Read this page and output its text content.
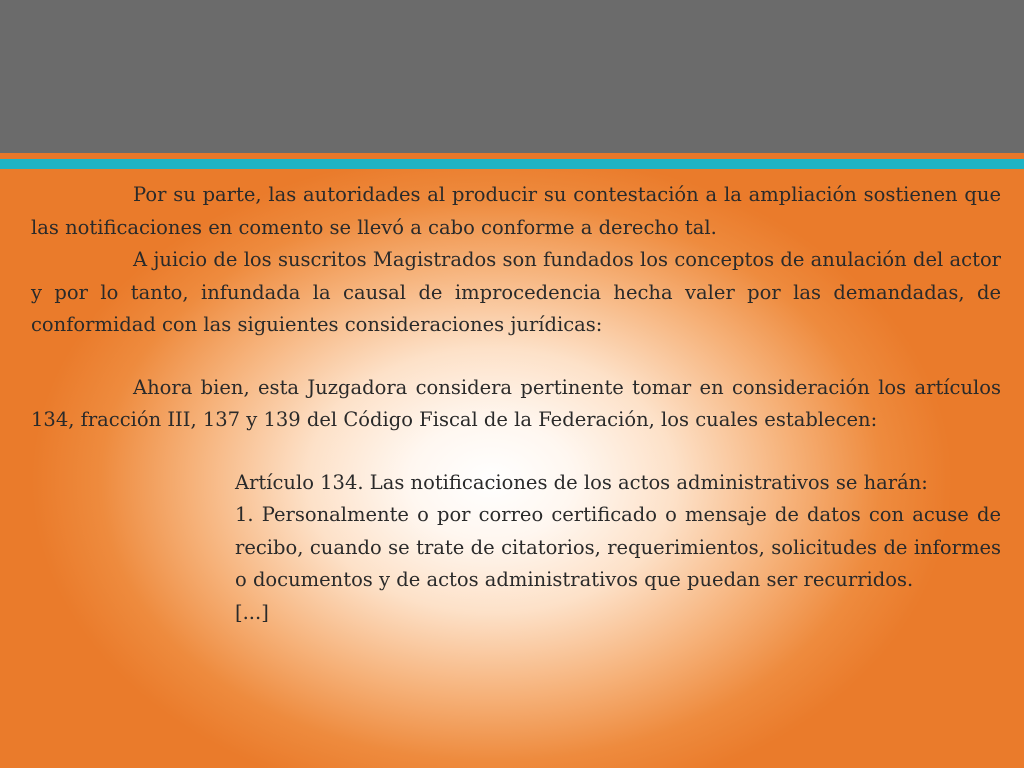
Por su parte, las autoridades al producir su contestación a la ampliación sostienen que las notificaciones en comento se llevó a cabo conforme a derecho tal.

A juicio de los suscritos Magistrados son fundados los conceptos de anulación del actor y por lo tanto, infundada la causal de improcedencia hecha valer por las demandadas, de conformidad con las siguientes consideraciones jurídicas:

Ahora bien, esta Juzgadora considera pertinente tomar en consideración los artículos 134, fracción III, 137 y 139 del Código Fiscal de la Federación, los cuales establecen:

Artículo 134. Las notificaciones de los actos administrativos se harán:

1. Personalmente o por correo certificado o mensaje de datos con acuse de recibo, cuando se trate de citatorios, requerimientos, solicitudes de informes o documentos y de actos administrativos que puedan ser recurridos.

[...]
